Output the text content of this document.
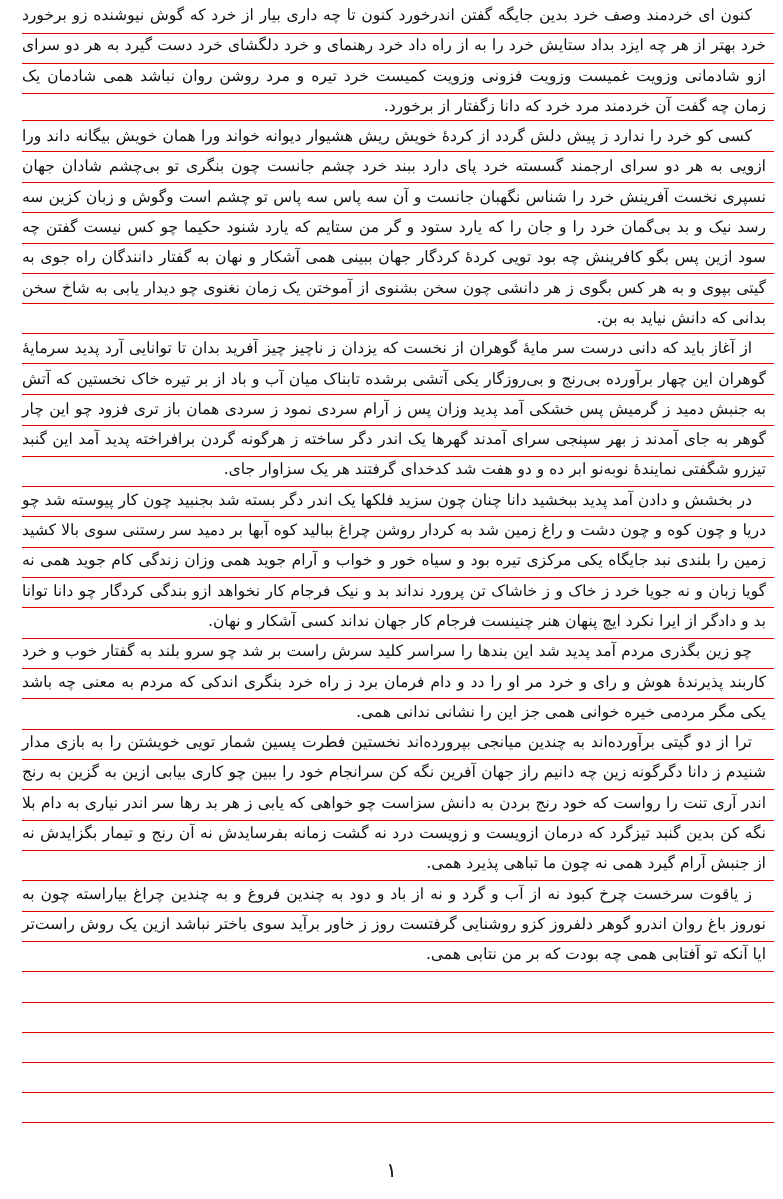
کنون ای خردمند وصف خرد بدین جایگه گفتن اندرخورد کنون تا چه داری بیار از خرد که گوش نیوشنده زو برخورد خرد بهتر از هر چه ایزد بداد ستایش خرد را به از راه داد خرد رهنمای و خرد دلگشای خرد دست گیرد به هر دو سرای ازو شادمانی وزویت غمیست وزویت فزونی وزویت کمیست خرد تیره و مرد روشن روان نباشد همی شادمان یک زمان چه گفت آن خردمند مرد خرد که دانا زگفتار از برخورد.

کسی کو خرد را ندارد ز پیش دلش گردد از کردهٔ خویش ریش هشیوار دیوانه خواند ورا همان خویش بیگانه داند ورا ازویی به هر دو سرای ارجمند گسسته خرد پای دارد ببند خرد چشم جانست چون بنگری تو بی‌چشم شادان جهان نسپری نخست آفرینش خرد را شناس نگهبان جانست و آن سه پاس سه پاس تو چشم است وگوش و زبان کزین سه رسد نیک و بد بی‌گمان خرد را و جان را که یارد ستود و گر من ستایم که یارد شنود حکیما چو کس نیست گفتن چه سود ازین پس بگو کافرینش چه بود تویی کردهٔ کردگار جهان ببینی همی آشکار و نهان به گفتار دانندگان راه جوی به گیتی بپوی و به هر کس بگوی ز هر دانشی چون سخن بشنوی از آموختن یک زمان نغنوی چو دیدار یابی به شاخ سخن بدانی که دانش نیاید به بن.

از آغاز باید که دانی درست سر مایهٔ گوهران از نخست که یزدان ز ناچیز چیز آفرید بدان تا توانایی آرد پدید سرمایهٔ گوهران این چهار برآورده بی‌رنج و بی‌روزگار یکی آتشی برشده تابناک میان آب و باد از بر تیره خاک نخستین که آتش به جنبش دمید ز گرمیش پس خشکی آمد پدید وزان پس ز آرام سردی نمود ز سردی همان باز تری فزود چو این چار گوهر به جای آمدند ز بهر سپنجی سرای آمدند گهرها یک اندر دگر ساخته ز هرگونه گردن برافراخته پدید آمد این گنبد تیزرو شگفتی نمایندهٔ نوبه‌نو ابر ده و دو هفت شد کدخدای گرفتند هر یک سزاوار جای.

در بخشش و دادن آمد پدید ببخشید دانا چنان چون سزید فلکها یک اندر دگر بسته شد بجنبید چون کار پیوسته شد چو دریا و چون کوه و چون دشت و راغ زمین شد به کردار روشن چراغ ببالید کوه آبها بر دمید سر رستنی سوی بالا کشید زمین را بلندی نبد جایگاه یکی مرکزی تیره بود و سیاه خور و خواب و آرام جوید همی وزان زندگی کام جوید همی نه گویا زبان و نه جویا خرد ز خاک و ز خاشاک تن پرورد نداند بد و نیک فرجام کار نخواهد ازو بندگی کردگار چو دانا توانا بد و دادگر از ایرا نکرد ایچ پنهان هنر چنینست فرجام کار جهان نداند کسی آشکار و نهان.

چو زین بگذری مردم آمد پدید شد این بندها را سراسر کلید سرش راست بر شد چو سرو بلند به گفتار خوب و خرد کاربند پذیرندهٔ هوش و رای و خرد مر او را دد و دام فرمان برد ز راه خرد بنگری اندکی که مردم به معنی چه باشد یکی مگر مردمی خیره خوانی همی جز این را نشانی ندانی همی.

ترا از دو گیتی برآورده‌اند به چندین میانجی بپرورده‌اند نخستین فطرت پسین شمار تویی خویشتن را به بازی مدار شنیدم ز دانا دگرگونه زین چه دانیم راز جهان آفرین نگه کن سرانجام خود را ببین چو کاری بیابی ازین به گزین به رنج اندر آری تنت را رواست که خود رنج بردن به دانش سزاست چو خواهی که یابی ز هر بد رها سر اندر نیاری به دام بلا نگه کن بدین گنبد تیزگرد که درمان ازویست و زویست درد نه گشت زمانه بفرسایدش نه آن رنج و تیمار بگزایدش نه از جنبش آرام گیرد همی نه چون ما تباهی پذیرد همی.

ز یاقوت سرخست چرخ کبود نه از آب و گرد و نه از باد و دود به چندین فروغ و به چندین چراغ بیاراسته چون به نوروز باغ روان اندرو گوهر دلفروز کزو روشنایی گرفتست روز ز خاور برآید سوی باختر نباشد ازین یک روش راست‌تر ایا آنکه تو آفتابی همی چه بودت که بر من نتابی همی.

۱
